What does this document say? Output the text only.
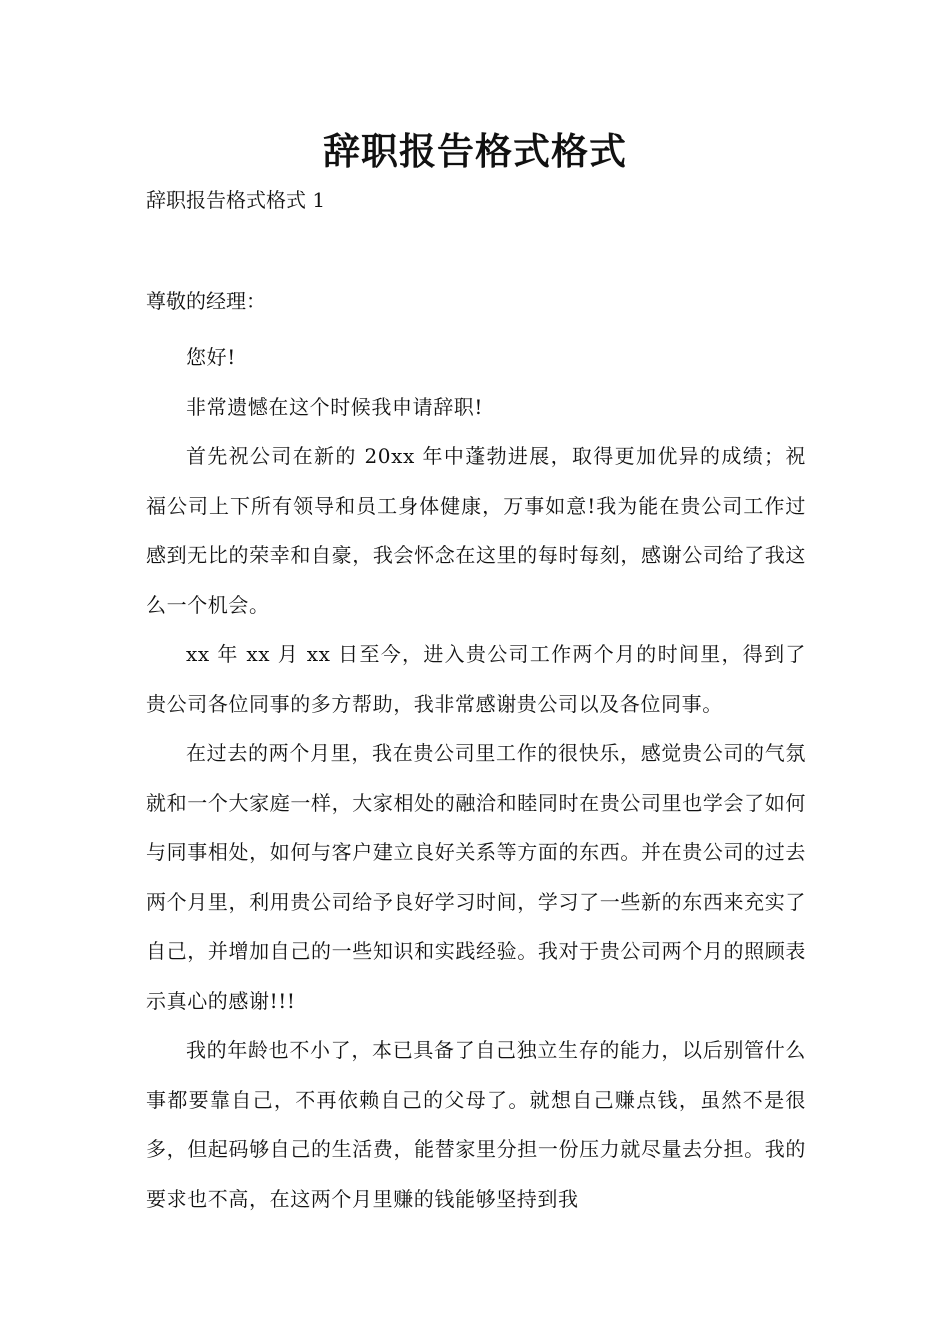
辞职报告格式格式
辞职报告格式格式 1
尊敬的经理：

您好!

非常遗憾在这个时候我申请辞职!

首先祝公司在新的 20xx 年中蓬勃进展，取得更加优异的成绩；祝福公司上下所有领导和员工身体健康，万事如意!我为能在贵公司工作过感到无比的荣幸和自豪，我会怀念在这里的每时每刻，感谢公司给了我这么一个机会。

xx 年 xx 月 xx 日至今，进入贵公司工作两个月的时间里，得到了贵公司各位同事的多方帮助，我非常感谢贵公司以及各位同事。

在过去的两个月里，我在贵公司里工作的很快乐，感觉贵公司的气氛就和一个大家庭一样，大家相处的融洽和睦同时在贵公司里也学会了如何与同事相处，如何与客户建立良好关系等方面的东西。并在贵公司的过去两个月里，利用贵公司给予良好学习时间，学习了一些新的东西来充实了自己，并增加自己的一些知识和实践经验。我对于贵公司两个月的照顾表示真心的感谢!!!

我的年龄也不小了，本已具备了自己独立生存的能力，以后别管什么事都要靠自己，不再依赖自己的父母了。就想自己赚点钱，虽然不是很多，但起码够自己的生活费，能替家里分担一份压力就尽量去分担。我的要求也不高，在这两个月里赚的钱能够坚持到我
